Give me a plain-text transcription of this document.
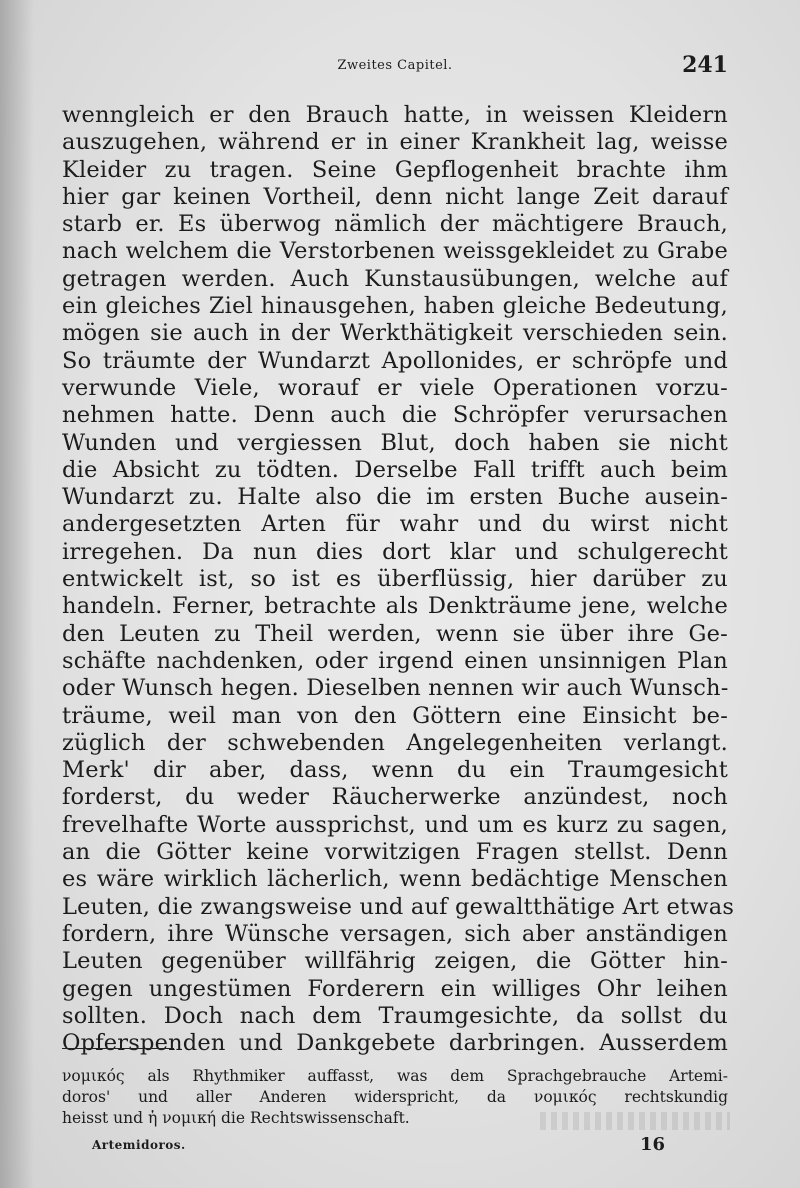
Zweites Capitel.	241
wenngleich er den Brauch hatte, in weissen Kleidern
auszugehen, während er in einer Krankheit lag, weisse
Kleider zu tragen. Seine Gepflogenheit brachte ihm
hier gar keinen Vortheil, denn nicht lange Zeit darauf
starb er. Es überwog nämlich der mächtigere Brauch,
nach welchem die Verstorbenen weissgekleidet zu Grabe
getragen werden. Auch Kunstausübungen, welche auf
ein gleiches Ziel hinausgehen, haben gleiche Bedeutung,
mögen sie auch in der Werkthätigkeit verschieden sein.
So träumte der Wundarzt Apollonides, er schröpfe und
verwunde Viele, worauf er viele Operationen vorzu-
nehmen hatte. Denn auch die Schröpfer verursachen
Wunden und vergiessen Blut, doch haben sie nicht
die Absicht zu tödten. Derselbe Fall trifft auch beim
Wundarzt zu. Halte also die im ersten Buche ausein-
andergesetzten Arten für wahr und du wirst nicht
irregehen. Da nun dies dort klar und schulgerecht
entwickelt ist, so ist es überflüssig, hier darüber zu
handeln. Ferner, betrachte als Denkträume jene, welche
den Leuten zu Theil werden, wenn sie über ihre Ge-
schäfte nachdenken, oder irgend einen unsinnigen Plan
oder Wunsch hegen. Dieselben nennen wir auch Wunsch-
träume, weil man von den Göttern eine Einsicht be-
züglich der schwebenden Angelegenheiten verlangt.
Merk' dir aber, dass, wenn du ein Traumgesicht
forderst, du weder Räucherwerke anzündest, noch
frevelhafte Worte aussprichst, und um es kurz zu sagen,
an die Götter keine vorwitzigen Fragen stellst. Denn
es wäre wirklich lächerlich, wenn bedächtige Menschen
Leuten, die zwangsweise und auf gewaltthätige Art etwas
fordern, ihre Wünsche versagen, sich aber anständigen
Leuten gegenüber willfährig zeigen, die Götter hin-
gegen ungestümen Forderern ein williges Ohr leihen
sollten. Doch nach dem Traumgesichte, da sollst du
Opferspenden und Dankgebete darbringen. Ausserdem
νομικός als Rhythmiker auffasst, was dem Sprachgebrauche Artemi-
doros' und aller Anderen widerspricht, da νομικός rechtskundig
heisst und ἡ νομική die Rechtswissenschaft.
Artemidoros.	16
